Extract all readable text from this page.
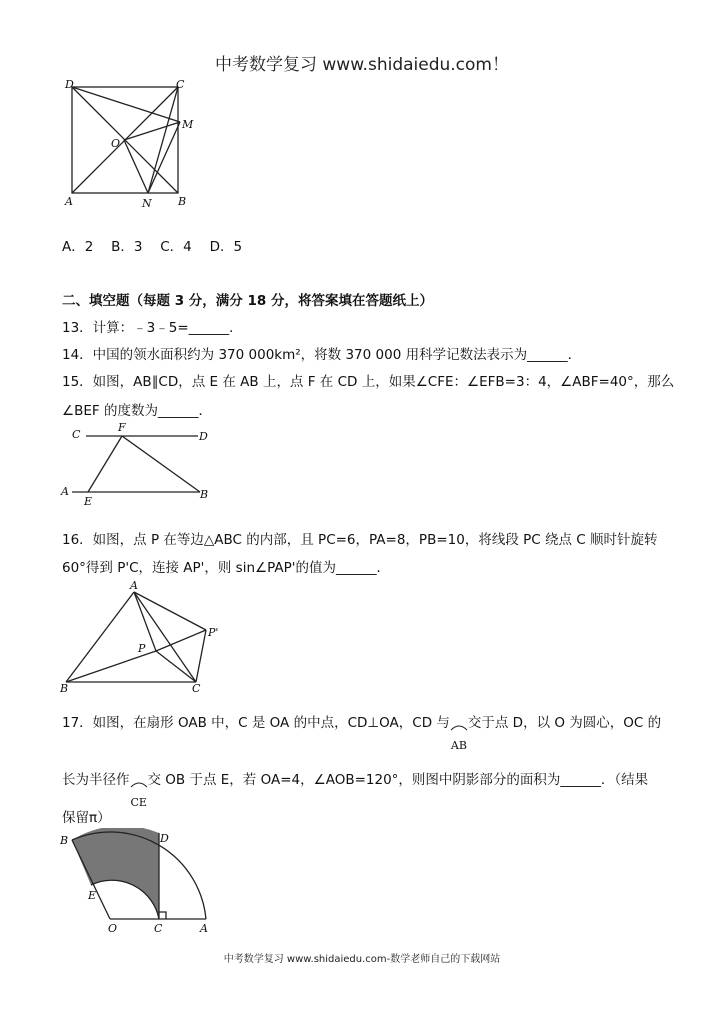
中考数学复习 www.shidaiedu.com！
D	C
M
O
A	N B
A．2　 B．3　 C．4　 D．5
二、填空题（每题 3 分，满分 18 分，将答案填在答题纸上）
13．计算：﹣3﹣5=______．
14．中国的领水面积约为 370 000km²，将数 370 000 用科学记数法表示为______．
15．如图，AB∥CD，点 E 在 AB 上，点 F 在 CD 上，如果∠CFE：∠EFB=3：4，∠ABF=40°，那么
∠BEF 的度数为______．
C
F
D
A
E
B
16．如图，点 P 在等边△ABC 的内部，且 PC=6，PA=8，PB=10，将线段 PC 绕点 C 顺时针旋转
60°得到 P'C，连接 AP'，则 sin∠PAP'的值为______．
A
P'
P
B	C
17．如图，在扇形 OAB 中，C 是 OA 的中点，CD⊥OA，CD 与
AB
交于点 D，以 O 为圆心，OC 的
长为半径作
CE
交 OB 于点 E，若 OA=4，∠AOB=120°，则图中阴影部分的面积为______．（结果
保留π）
B	D
E
O	C	A
中考数学复习 www.shidaiedu.com-数学老师自己的下载网站
